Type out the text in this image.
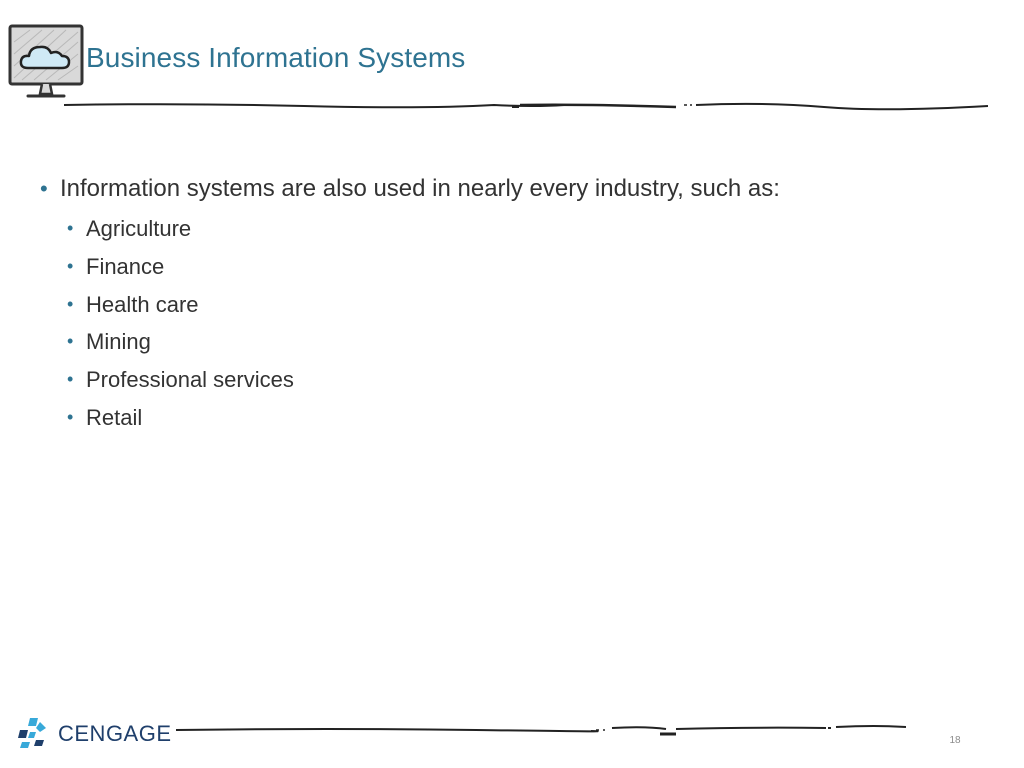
Business Information Systems
• Information systems are also used in nearly every industry, such as:
• Agriculture
• Finance
• Health care
• Mining
• Professional services
• Retail
CENGAGE	18
